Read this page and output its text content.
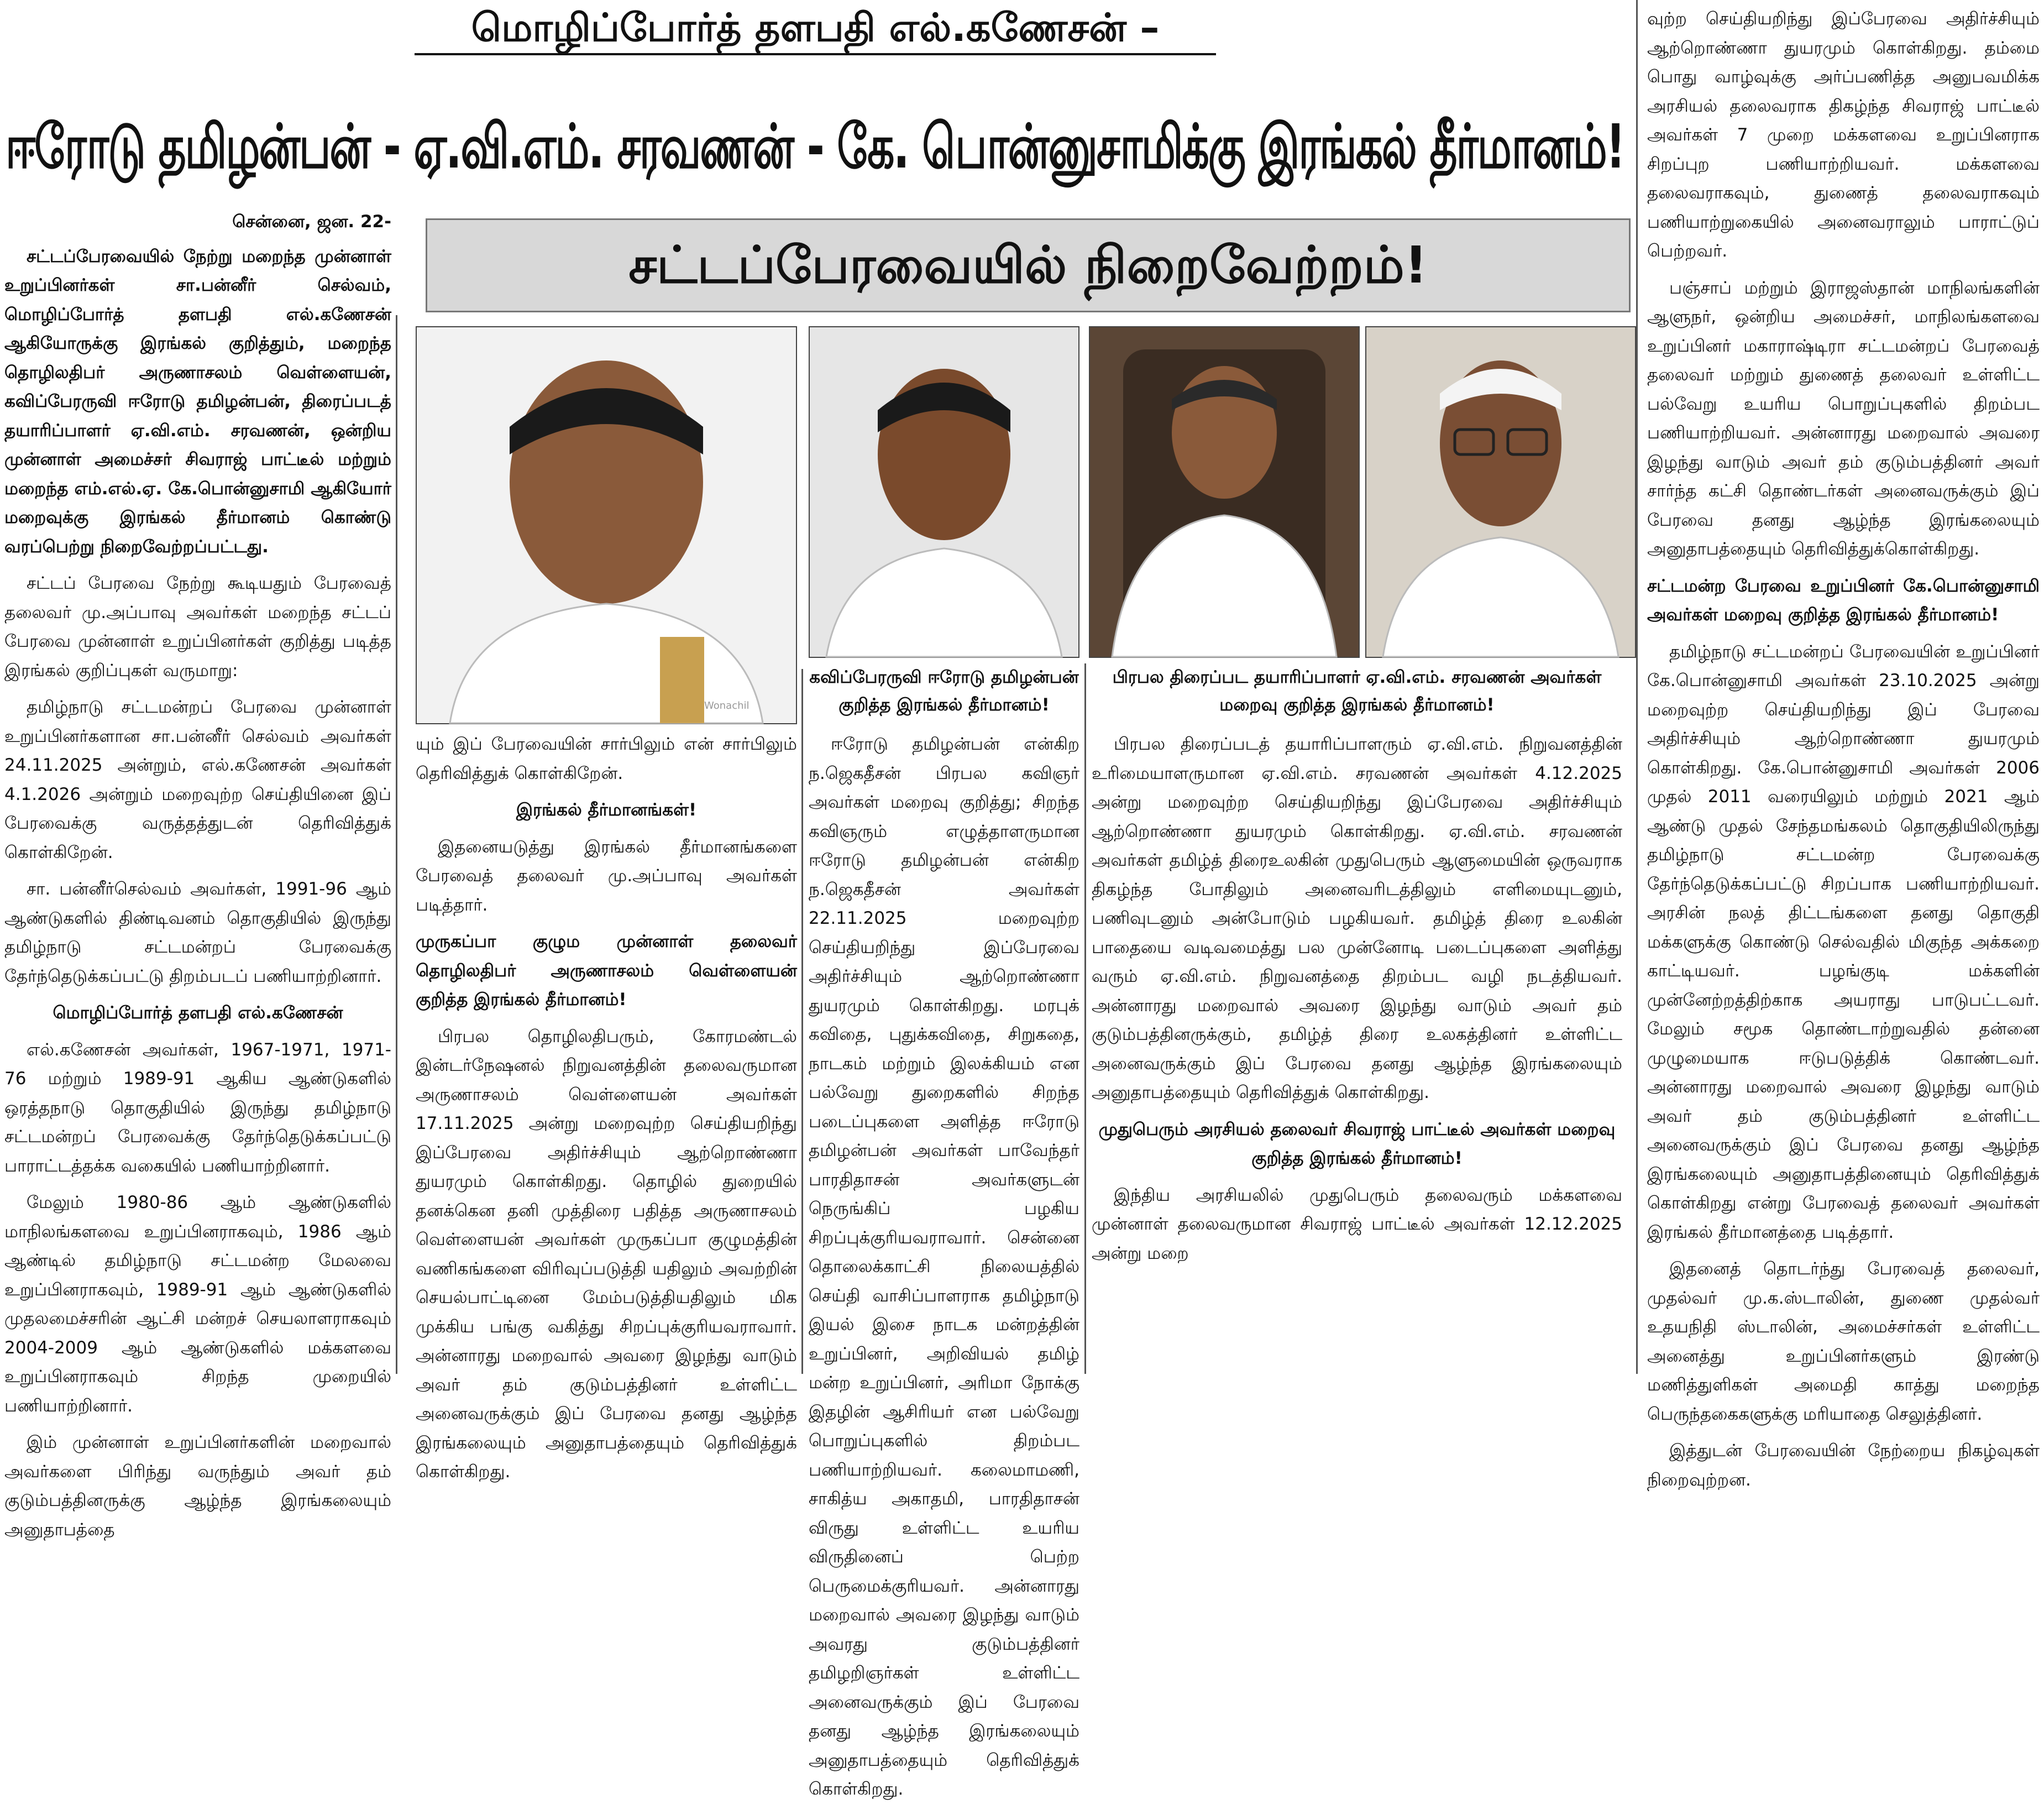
மொழிப்போர்த் தளபதி எல்.கணேசன் –
ஈரோடு தமிழன்பன் - ஏ.வி.எம். சரவணன் - கே. பொன்னுசாமிக்கு இரங்கல் தீர்மானம்!
சட்டப்பேரவையில் நிறைவேற்றம்!
சென்னை, ஜன. 22-

சட்டப்பேரவையில் நேற்று மறைந்த முன்னாள் உறுப்பினர்கள் சா.பன்னீர் செல்வம், மொழிப்போர்த் தளபதி எல்.கணேசன் ஆகியோருக்கு இரங்கல் குறித்தும், மறைந்த தொழிலதிபர் அருணாசலம் வெள்ளையன், கவிப்பேரருவி ஈரோடு தமிழன்பன், திரைப்படத் தயாரிப்பாளர் ஏ.வி.எம். சரவணன், ஒன்றிய முன்னாள் அமைச்சர் சிவராஜ் பாட்டீல் மற்றும் மறைந்த எம்.எல்.ஏ. கே.பொன்னுசாமி ஆகியோர் மறைவுக்கு இரங்கல் தீர்மானம் கொண்டு வரப்பெற்று நிறைவேற்றப்பட்டது.

சட்டப் பேரவை நேற்று கூடியதும் பேரவைத் தலைவர் மு.அப்பாவு அவர்கள் மறைந்த சட்டப் பேரவை முன்னாள் உறுப்பினர்கள் குறித்து படித்த இரங்கல் குறிப்புகள் வருமாறு:

தமிழ்நாடு சட்டமன்றப் பேரவை முன்னாள் உறுப்பினர்களான சா.பன்னீர் செல்வம் அவர்கள் 24.11.2025 அன்றும், எல்.கணேசன் அவர்கள் 4.1.2026 அன்றும் மறைவுற்ற செய்தியினை இப் பேரவைக்கு வருத்தத்துடன் தெரிவித்துக் கொள்கிறேன்.

சா. பன்னீர்செல்வம் அவர்கள், 1991-96 ஆம் ஆண்டுகளில் திண்டிவனம் தொகுதியில் இருந்து தமிழ்நாடு சட்டமன்றப் பேரவைக்கு தேர்ந்தெடுக்கப்பட்டு திறம்படப் பணியாற்றினார்.

மொழிப்போர்த் தளபதி எல்.கணேசன்

எல்.கணேசன் அவர்கள், 1967-1971, 1971-76 மற்றும் 1989-91 ஆகிய ஆண்டுகளில் ஒரத்தநாடு தொகுதியில் இருந்து தமிழ்நாடு சட்டமன்றப் பேரவைக்கு தேர்ந்தெடுக்கப்பட்டு பாராட்டத்தக்க வகையில் பணியாற்றினார்.

மேலும் 1980-86 ஆம் ஆண்டுகளில் மாநிலங்களவை உறுப்பினராகவும், 1986 ஆம் ஆண்டில் தமிழ்நாடு சட்டமன்ற மேலவை உறுப்பினராகவும், 1989-91 ஆம் ஆண்டுகளில் முதலமைச்சரின் ஆட்சி மன்றச் செயலாளராகவும் 2004-2009 ஆம் ஆண்டுகளில் மக்களவை உறுப்பினராகவும் சிறந்த முறையில் பணியாற்றினார்.

இம் முன்னாள் உறுப்பினர்களின் மறைவால் அவர்களை பிரிந்து வருந்தும் அவர் தம் குடும்பத்தினருக்கு ஆழ்ந்த இரங்கலையும் அனுதாபத்தை

Wonachil

யும் இப் பேரவையின் சார்பிலும் என் சார்பிலும் தெரிவித்துக் கொள்கிறேன்.

இரங்கல் தீர்மானங்கள்!

இதனையடுத்து இரங்கல் தீர்மானங்களை பேரவைத் தலைவர் மு.அப்பாவு அவர்கள் படித்தார்.

முருகப்பா குழும முன்னாள் தலைவர் தொழிலதிபர் அருணாசலம் வெள்ளையன் குறித்த இரங்கல் தீர்மானம்!

பிரபல தொழிலதிபரும், கோரமண்டல் இன்டர்நேஷனல் நிறுவனத்தின் தலைவருமான அருணாசலம் வெள்ளையன் அவர்கள் 17.11.2025 அன்று மறைவுற்ற செய்தியறிந்து இப்பேரவை அதிர்ச்சியும் ஆற்றொண்ணா துயரமும் கொள்கிறது. தொழில் துறையில் தனக்கென தனி முத்திரை பதித்த அருணாசலம் வெள்ளையன் அவர்கள் முருகப்பா குழுமத்தின் வணிகங்களை விரிவுப்படுத்தி யதிலும் அவற்றின் செயல்பாட்டினை மேம்படுத்தியதிலும் மிக முக்கிய பங்கு வகித்து சிறப்புக்குரியவராவார். அன்னாரது மறைவால் அவரை இழந்து வாடும் அவர் தம் குடும்பத்தினர் உள்ளிட்ட அனைவருக்கும் இப் பேரவை தனது ஆழ்ந்த இரங்கலையும் அனுதாபத்தையும் தெரிவித்துக் கொள்கிறது.

கவிப்பேரருவி ஈரோடு தமிழன்பன் குறித்த இரங்கல் தீர்மானம்!

ஈரோடு தமிழன்பன் என்கிற ந.ஜெகதீசன் பிரபல கவிஞர் அவர்கள் மறைவு குறித்து; சிறந்த கவிஞரும் எழுத்தாளருமான ஈரோடு தமிழன்பன் என்கிற ந.ஜெகதீசன் அவர்கள் 22.11.2025 மறைவுற்ற செய்தியறிந்து இப்பேரவை அதிர்ச்சியும் ஆற்றொண்ணா துயரமும் கொள்கிறது. மரபுக் கவிதை, புதுக்கவிதை, சிறுகதை, நாடகம் மற்றும் இலக்கியம் என பல்வேறு துறைகளில் சிறந்த படைப்புகளை அளித்த ஈரோடு தமிழன்பன் அவர்கள் பாவேந்தர் பாரதிதாசன் அவர்களுடன் நெருங்கிப் பழகிய சிறப்புக்குரியவராவார். சென்னை தொலைக்காட்சி நிலையத்தில் செய்தி வாசிப்பாளராக தமிழ்நாடு இயல் இசை நாடக மன்றத்தின் உறுப்பினர், அறிவியல் தமிழ் மன்ற உறுப்பினர், அரிமா நோக்கு இதழின் ஆசிரியர் என பல்வேறு பொறுப்புகளில் திறம்பட பணியாற்றியவர். கலைமாமணி, சாகித்ய அகாதமி, பாரதிதாசன் விருது உள்ளிட்ட உயரிய விருதினைப் பெற்ற பெருமைக்குரியவர். அன்னாரது மறைவால் அவரை இழந்து வாடும் அவரது குடும்பத்தினர் தமிழறிஞர்கள் உள்ளிட்ட அனைவருக்கும் இப் பேரவை தனது ஆழ்ந்த இரங்கலையும் அனுதாபத்தையும் தெரிவித்துக் கொள்கிறது.

பிரபல திரைப்பட தயாரிப்பாளர் ஏ.வி.எம். சரவணன் அவர்கள் மறைவு குறித்த இரங்கல் தீர்மானம்!

பிரபல திரைப்படத் தயாரிப்பாளரும் ஏ.வி.எம். நிறுவனத்தின் உரிமையாளருமான ஏ.வி.எம். சரவணன் அவர்கள் 4.12.2025 அன்று மறைவுற்ற செய்தியறிந்து இப்பேரவை அதிர்ச்சியும் ஆற்றொண்ணா துயரமும் கொள்கிறது. ஏ.வி.எம். சரவணன் அவர்கள் தமிழ்த் திரைஉலகின் முதுபெரும் ஆளுமையின் ஒருவராக திகழ்ந்த போதிலும் அனைவரிடத்திலும் எளிமையுடனும், பணிவுடனும் அன்போடும் பழகியவர். தமிழ்த் திரை உலகின் பாதையை வடிவமைத்து பல முன்னோடி படைப்புகளை அளித்து வரும் ஏ.வி.எம். நிறுவனத்தை திறம்பட வழி நடத்தியவர். அன்னாரது மறைவால் அவரை இழந்து வாடும் அவர் தம் குடும்பத்தினருக்கும், தமிழ்த் திரை உலகத்தினர் உள்ளிட்ட அனைவருக்கும் இப் பேரவை தனது ஆழ்ந்த இரங்கலையும் அனுதாபத்தையும் தெரிவித்துக் கொள்கிறது.

முதுபெரும் அரசியல் தலைவர் சிவராஜ் பாட்டீல் அவர்கள் மறைவு குறித்த இரங்கல் தீர்மானம்!

இந்திய அரசியலில் முதுபெரும் தலைவரும் மக்களவை முன்னாள் தலைவருமான சிவராஜ் பாட்டீல் அவர்கள் 12.12.2025 அன்று மறை

வுற்ற செய்தியறிந்து இப்பேரவை அதிர்ச்சியும் ஆற்றொண்ணா துயரமும் கொள்கிறது. தம்மை பொது வாழ்வுக்கு அர்ப்பணித்த அனுபவமிக்க அரசியல் தலைவராக திகழ்ந்த சிவராஜ் பாட்டீல் அவர்கள் 7 முறை மக்களவை உறுப்பினராக சிறப்புற பணியாற்றியவர். மக்களவை தலைவராகவும், துணைத் தலைவராகவும் பணியாற்றுகையில் அனைவராலும் பாராட்டுப் பெற்றவர்.

பஞ்சாப் மற்றும் இராஜஸ்தான் மாநிலங்களின் ஆளுநர், ஒன்றிய அமைச்சர், மாநிலங்களவை உறுப்பினர் மகாராஷ்டிரா சட்டமன்றப் பேரவைத் தலைவர் மற்றும் துணைத் தலைவர் உள்ளிட்ட பல்வேறு உயரிய பொறுப்புகளில் திறம்பட பணியாற்றியவர். அன்னாரது மறைவால் அவரை இழந்து வாடும் அவர் தம் குடும்பத்தினர் அவர் சார்ந்த கட்சி தொண்டர்கள் அனைவருக்கும் இப் பேரவை தனது ஆழ்ந்த இரங்கலையும் அனுதாபத்தையும் தெரிவித்துக்கொள்கிறது.

சட்டமன்ற பேரவை உறுப்பினர் கே.பொன்னுசாமி அவர்கள் மறைவு குறித்த இரங்கல் தீர்மானம்!

தமிழ்நாடு சட்டமன்றப் பேரவையின் உறுப்பினர் கே.பொன்னுசாமி அவர்கள் 23.10.2025 அன்று மறைவுற்ற செய்தியறிந்து இப் பேரவை அதிர்ச்சியும் ஆற்றொண்ணா துயரமும் கொள்கிறது. கே.பொன்னுசாமி அவர்கள் 2006 முதல் 2011 வரையிலும் மற்றும் 2021 ஆம் ஆண்டு முதல் சேந்தமங்கலம் தொகுதியிலிருந்து தமிழ்நாடு சட்டமன்ற பேரவைக்கு தேர்ந்தெடுக்கப்பட்டு சிறப்பாக பணியாற்றியவர். அரசின் நலத் திட்டங்களை தனது தொகுதி மக்களுக்கு கொண்டு செல்வதில் மிகுந்த அக்கறை காட்டியவர். பழங்குடி மக்களின் முன்னேற்றத்திற்காக அயராது பாடுபட்டவர். மேலும் சமூக தொண்டாற்றுவதில் தன்னை முழுமையாக ஈடுபடுத்திக் கொண்டவர். அன்னாரது மறைவால் அவரை இழந்து வாடும் அவர் தம் குடும்பத்தினர் உள்ளிட்ட அனைவருக்கும் இப் பேரவை தனது ஆழ்ந்த இரங்கலையும் அனுதாபத்தினையும் தெரிவித்துக் கொள்கிறது என்று பேரவைத் தலைவர் அவர்கள் இரங்கல் தீர்மானத்தை படித்தார்.

இதனைத் தொடர்ந்து பேரவைத் தலைவர், முதல்வர் மு.க.ஸ்டாலின், துணை முதல்வர் உதயநிதி ஸ்டாலின், அமைச்சர்கள் உள்ளிட்ட அனைத்து உறுப்பினர்களும் இரண்டு மணித்துளிகள் அமைதி காத்து மறைந்த பெருந்தகைகளுக்கு மரியாதை செலுத்தினர்.

இத்துடன் பேரவையின் நேற்றைய நிகழ்வுகள் நிறைவுற்றன.
